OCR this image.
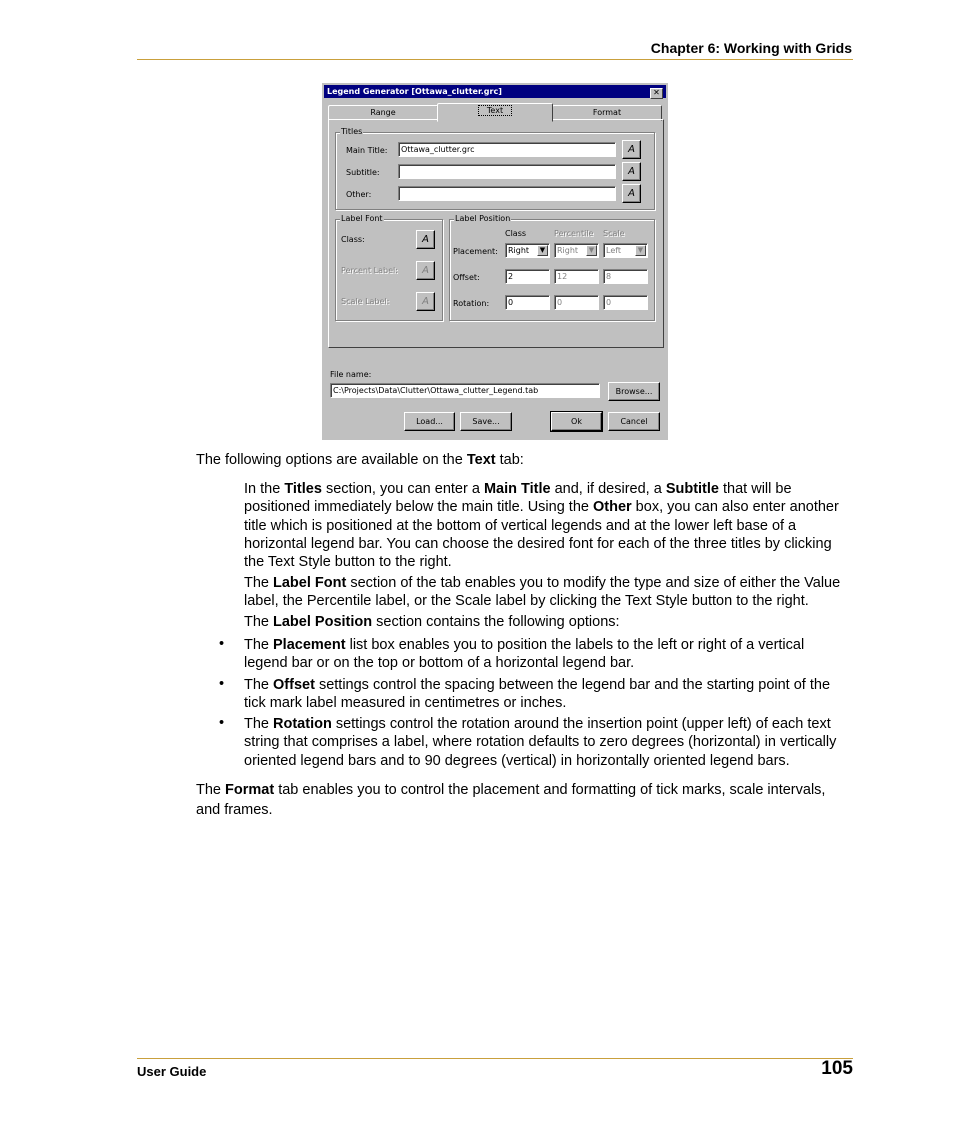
Chapter 6: Working with Grids
Legend Generator [Ottawa_clutter.grc]	✕
Range	Text	Format
Titles
Main Title:	Ottawa_clutter.grc	A
Subtitle:	A
Other:	A
Label Font
Class:	A
Percent Label:	A
Scale Label:	A
Label Position
Class	Percentile Scale
Placement:	Right	▼	Right	▼	Left	▼
Offset:	2	12	8
Rotation:	0	0	0
File name:
C:\Projects\Data\Clutter\Ottawa_clutter_Legend.tab	Browse...
Load...	Save...	Ok	Cancel
The following options are available on the Text tab:
In the Titles section, you can enter a Main Title and, if desired, a Subtitle that will be
positioned immediately below the main title. Using the Other box, you can also enter another
title which is positioned at the bottom of vertical legends and at the lower left base of a
horizontal legend bar. You can choose the desired font for each of the three titles by clicking
the Text Style button to the right.
The Label Font section of the tab enables you to modify the type and size of either the Value
label, the Percentile label, or the Scale label by clicking the Text Style button to the right.
The Label Position section contains the following options:
• The Placement list box enables you to position the labels to the left or right of a vertical
legend bar or on the top or bottom of a horizontal legend bar.
• The Offset settings control the spacing between the legend bar and the starting point of the
tick mark label measured in centimetres or inches.
• The Rotation settings control the rotation around the insertion point (upper left) of each text
string that comprises a label, where rotation defaults to zero degrees (horizontal) in vertically
oriented legend bars and to 90 degrees (vertical) in horizontally oriented legend bars.
The Format tab enables you to control the placement and formatting of tick marks, scale intervals,
and frames.
User Guide	105
